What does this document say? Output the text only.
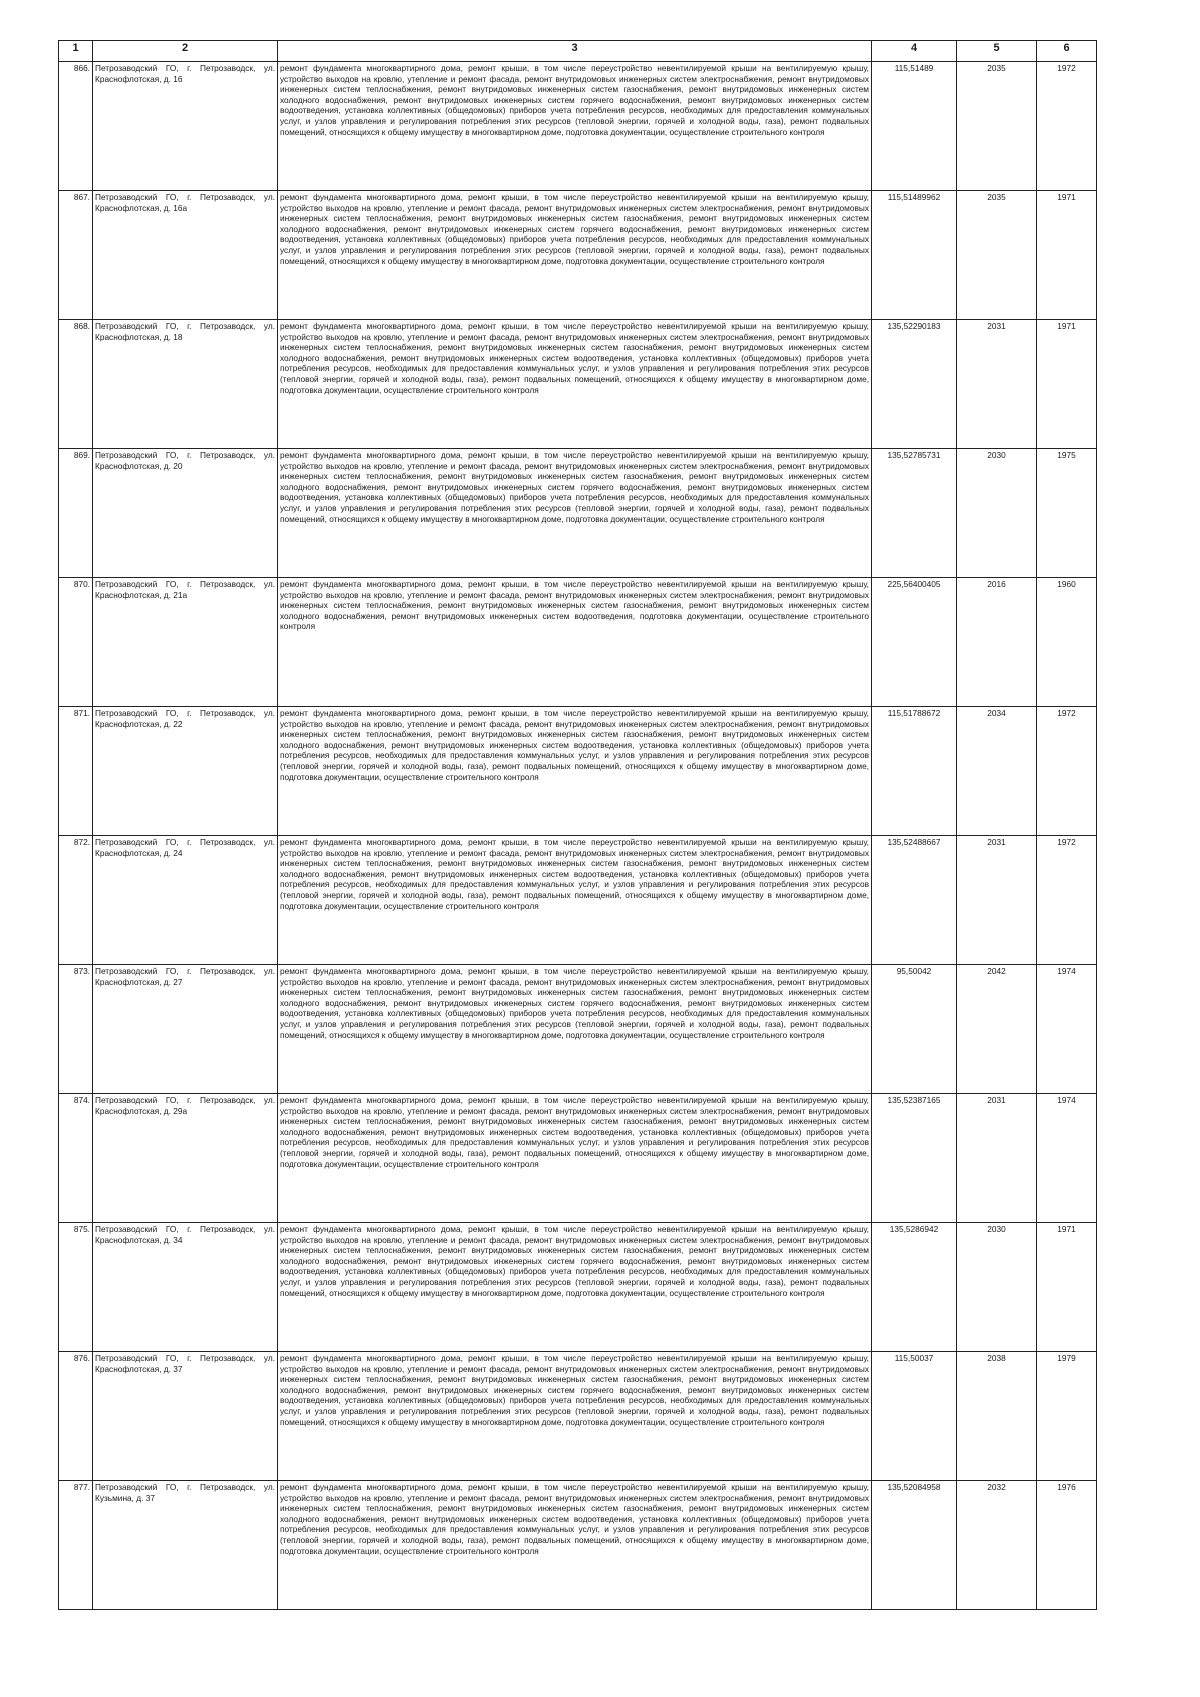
1	2	3	4	5	6
866.	Петрозаводский ГО, г. Петрозаводск, ул. Краснофлотская, д. 16	ремонт фундамента многоквартирного дома, ремонт крыши, в том числе переустройство невентилируемой крыши на вентилируемую крышу, устройство выходов на кровлю, утепление и ремонт фасада, ремонт внутридомовых инженерных систем электроснабжения, ремонт внутридомовых инженерных систем теплоснабжения, ремонт внутридомовых инженерных систем газоснабжения, ремонт внутридомовых инженерных систем холодного водоснабжения, ремонт внутридомовых инженерных систем горячего водоснабжения, ремонт внутридомовых инженерных систем водоотведения, установка коллективных (общедомовых) приборов учета потребления ресурсов, необходимых для предоставления коммунальных услуг, и узлов управления и регулирования потребления этих ресурсов (тепловой энергии, горячей и холодной воды, газа), ремонт подвальных помещений, относящихся к общему имуществу в многоквартирном доме, подготовка документации, осуществление строительного контроля	115,51489	2035	1972
867.	Петрозаводский ГО, г. Петрозаводск, ул. Краснофлотская, д. 16а	ремонт фундамента многоквартирного дома, ремонт крыши, в том числе переустройство невентилируемой крыши на вентилируемую крышу, устройство выходов на кровлю, утепление и ремонт фасада, ремонт внутридомовых инженерных систем электроснабжения, ремонт внутридомовых инженерных систем теплоснабжения, ремонт внутридомовых инженерных систем газоснабжения, ремонт внутридомовых инженерных систем холодного водоснабжения, ремонт внутридомовых инженерных систем горячего водоснабжения, ремонт внутридомовых инженерных систем водоотведения, установка коллективных (общедомовых) приборов учета потребления ресурсов, необходимых для предоставления коммунальных услуг, и узлов управления и регулирования потребления этих ресурсов (тепловой энергии, горячей и холодной воды, газа), ремонт подвальных помещений, относящихся к общему имуществу в многоквартирном доме, подготовка документации, осуществление строительного контроля	115,51489962	2035	1971
868.	Петрозаводский ГО, г. Петрозаводск, ул. Краснофлотская, д. 18	ремонт фундамента многоквартирного дома, ремонт крыши, в том числе переустройство невентилируемой крыши на вентилируемую крышу, устройство выходов на кровлю, утепление и ремонт фасада, ремонт внутридомовых инженерных систем электроснабжения, ремонт внутридомовых инженерных систем теплоснабжения, ремонт внутридомовых инженерных систем газоснабжения, ремонт внутридомовых инженерных систем холодного водоснабжения, ремонт внутридомовых инженерных систем водоотведения, установка коллективных (общедомовых) приборов учета потребления ресурсов, необходимых для предоставления коммунальных услуг, и узлов управления и регулирования потребления этих ресурсов (тепловой энергии, горячей и холодной воды, газа), ремонт подвальных помещений, относящихся к общему имуществу в многоквартирном доме, подготовка документации, осуществление строительного контроля	135,52290183	2031	1971
869.	Петрозаводский ГО, г. Петрозаводск, ул. Краснофлотская, д. 20	ремонт фундамента многоквартирного дома, ремонт крыши, в том числе переустройство невентилируемой крыши на вентилируемую крышу, устройство выходов на кровлю, утепление и ремонт фасада, ремонт внутридомовых инженерных систем электроснабжения, ремонт внутридомовых инженерных систем теплоснабжения, ремонт внутридомовых инженерных систем газоснабжения, ремонт внутридомовых инженерных систем холодного водоснабжения, ремонт внутридомовых инженерных систем горячего водоснабжения, ремонт внутридомовых инженерных систем водоотведения, установка коллективных (общедомовых) приборов учета потребления ресурсов, необходимых для предоставления коммунальных услуг, и узлов управления и регулирования потребления этих ресурсов (тепловой энергии, горячей и холодной воды, газа), ремонт подвальных помещений, относящихся к общему имуществу в многоквартирном доме, подготовка документации, осуществление строительного контроля	135,52785731	2030	1975
870.	Петрозаводский ГО, г. Петрозаводск, ул. Краснофлотская, д. 21а	ремонт фундамента многоквартирного дома, ремонт крыши, в том числе переустройство невентилируемой крыши на вентилируемую крышу, устройство выходов на кровлю, утепление и ремонт фасада, ремонт внутридомовых инженерных систем электроснабжения, ремонт внутридомовых инженерных систем теплоснабжения, ремонт внутридомовых инженерных систем газоснабжения, ремонт внутридомовых инженерных систем холодного водоснабжения, ремонт внутридомовых инженерных систем водоотведения, подготовка документации, осуществление строительного контроля	225,56400405	2016	1960
871.	Петрозаводский ГО, г. Петрозаводск, ул. Краснофлотская, д. 22	ремонт фундамента многоквартирного дома, ремонт крыши, в том числе переустройство невентилируемой крыши на вентилируемую крышу, устройство выходов на кровлю, утепление и ремонт фасада, ремонт внутридомовых инженерных систем электроснабжения, ремонт внутридомовых инженерных систем теплоснабжения, ремонт внутридомовых инженерных систем газоснабжения, ремонт внутридомовых инженерных систем холодного водоснабжения, ремонт внутридомовых инженерных систем водоотведения, установка коллективных (общедомовых) приборов учета потребления ресурсов, необходимых для предоставления коммунальных услуг, и узлов управления и регулирования потребления этих ресурсов (тепловой энергии, горячей и холодной воды, газа), ремонт подвальных помещений, относящихся к общему имуществу в многоквартирном доме, подготовка документации, осуществление строительного контроля	115,51788672	2034	1972
872.	Петрозаводский ГО, г. Петрозаводск, ул. Краснофлотская, д. 24	ремонт фундамента многоквартирного дома, ремонт крыши, в том числе переустройство невентилируемой крыши на вентилируемую крышу, устройство выходов на кровлю, утепление и ремонт фасада, ремонт внутридомовых инженерных систем электроснабжения, ремонт внутридомовых инженерных систем теплоснабжения, ремонт внутридомовых инженерных систем газоснабжения, ремонт внутридомовых инженерных систем холодного водоснабжения, ремонт внутридомовых инженерных систем водоотведения, установка коллективных (общедомовых) приборов учета потребления ресурсов, необходимых для предоставления коммунальных услуг, и узлов управления и регулирования потребления этих ресурсов (тепловой энергии, горячей и холодной воды, газа), ремонт подвальных помещений, относящихся к общему имуществу в многоквартирном доме, подготовка документации, осуществление строительного контроля	135,52488667	2031	1972
873.	Петрозаводский ГО, г. Петрозаводск, ул. Краснофлотская, д. 27	ремонт фундамента многоквартирного дома, ремонт крыши, в том числе переустройство невентилируемой крыши на вентилируемую крышу, устройство выходов на кровлю, утепление и ремонт фасада, ремонт внутридомовых инженерных систем электроснабжения, ремонт внутридомовых инженерных систем теплоснабжения, ремонт внутридомовых инженерных систем газоснабжения, ремонт внутридомовых инженерных систем холодного водоснабжения, ремонт внутридомовых инженерных систем горячего водоснабжения, ремонт внутридомовых инженерных систем водоотведения, установка коллективных (общедомовых) приборов учета потребления ресурсов, необходимых для предоставления коммунальных услуг, и узлов управления и регулирования потребления этих ресурсов (тепловой энергии, горячей и холодной воды, газа), ремонт подвальных помещений, относящихся к общему имуществу в многоквартирном доме, подготовка документации, осуществление строительного контроля	95,50042	2042	1974
874.	Петрозаводский ГО, г. Петрозаводск, ул. Краснофлотская, д. 29а	ремонт фундамента многоквартирного дома, ремонт крыши, в том числе переустройство невентилируемой крыши на вентилируемую крышу, устройство выходов на кровлю, утепление и ремонт фасада, ремонт внутридомовых инженерных систем электроснабжения, ремонт внутридомовых инженерных систем теплоснабжения, ремонт внутридомовых инженерных систем газоснабжения, ремонт внутридомовых инженерных систем холодного водоснабжения, ремонт внутридомовых инженерных систем водоотведения, установка коллективных (общедомовых) приборов учета потребления ресурсов, необходимых для предоставления коммунальных услуг, и узлов управления и регулирования потребления этих ресурсов (тепловой энергии, горячей и холодной воды, газа), ремонт подвальных помещений, относящихся к общему имуществу в многоквартирном доме, подготовка документации, осуществление строительного контроля	135,52387165	2031	1974
875.	Петрозаводский ГО, г. Петрозаводск, ул. Краснофлотская, д. 34	ремонт фундамента многоквартирного дома, ремонт крыши, в том числе переустройство невентилируемой крыши на вентилируемую крышу, устройство выходов на кровлю, утепление и ремонт фасада, ремонт внутридомовых инженерных систем электроснабжения, ремонт внутридомовых инженерных систем теплоснабжения, ремонт внутридомовых инженерных систем газоснабжения, ремонт внутридомовых инженерных систем холодного водоснабжения, ремонт внутридомовых инженерных систем горячего водоснабжения, ремонт внутридомовых инженерных систем водоотведения, установка коллективных (общедомовых) приборов учета потребления ресурсов, необходимых для предоставления коммунальных услуг, и узлов управления и регулирования потребления этих ресурсов (тепловой энергии, горячей и холодной воды, газа), ремонт подвальных помещений, относящихся к общему имуществу в многоквартирном доме, подготовка документации, осуществление строительного контроля	135,5286942	2030	1971
876.	Петрозаводский ГО, г. Петрозаводск, ул. Краснофлотская, д. 37	ремонт фундамента многоквартирного дома, ремонт крыши, в том числе переустройство невентилируемой крыши на вентилируемую крышу, устройство выходов на кровлю, утепление и ремонт фасада, ремонт внутридомовых инженерных систем электроснабжения, ремонт внутридомовых инженерных систем теплоснабжения, ремонт внутридомовых инженерных систем газоснабжения, ремонт внутридомовых инженерных систем холодного водоснабжения, ремонт внутридомовых инженерных систем горячего водоснабжения, ремонт внутридомовых инженерных систем водоотведения, установка коллективных (общедомовых) приборов учета потребления ресурсов, необходимых для предоставления коммунальных услуг, и узлов управления и регулирования потребления этих ресурсов (тепловой энергии, горячей и холодной воды, газа), ремонт подвальных помещений, относящихся к общему имуществу в многоквартирном доме, подготовка документации, осуществление строительного контроля	115,50037	2038	1979
877.	Петрозаводский ГО, г. Петрозаводск, ул. Кузьмина, д. 37	ремонт фундамента многоквартирного дома, ремонт крыши, в том числе переустройство невентилируемой крыши на вентилируемую крышу, устройство выходов на кровлю, утепление и ремонт фасада, ремонт внутридомовых инженерных систем электроснабжения, ремонт внутридомовых инженерных систем теплоснабжения, ремонт внутридомовых инженерных систем газоснабжения, ремонт внутридомовых инженерных систем холодного водоснабжения, ремонт внутридомовых инженерных систем водоотведения, установка коллективных (общедомовых) приборов учета потребления ресурсов, необходимых для предоставления коммунальных услуг, и узлов управления и регулирования потребления этих ресурсов (тепловой энергии, горячей и холодной воды, газа), ремонт подвальных помещений, относящихся к общему имуществу в многоквартирном доме, подготовка документации, осуществление строительного контроля	135,52084958	2032	1976
